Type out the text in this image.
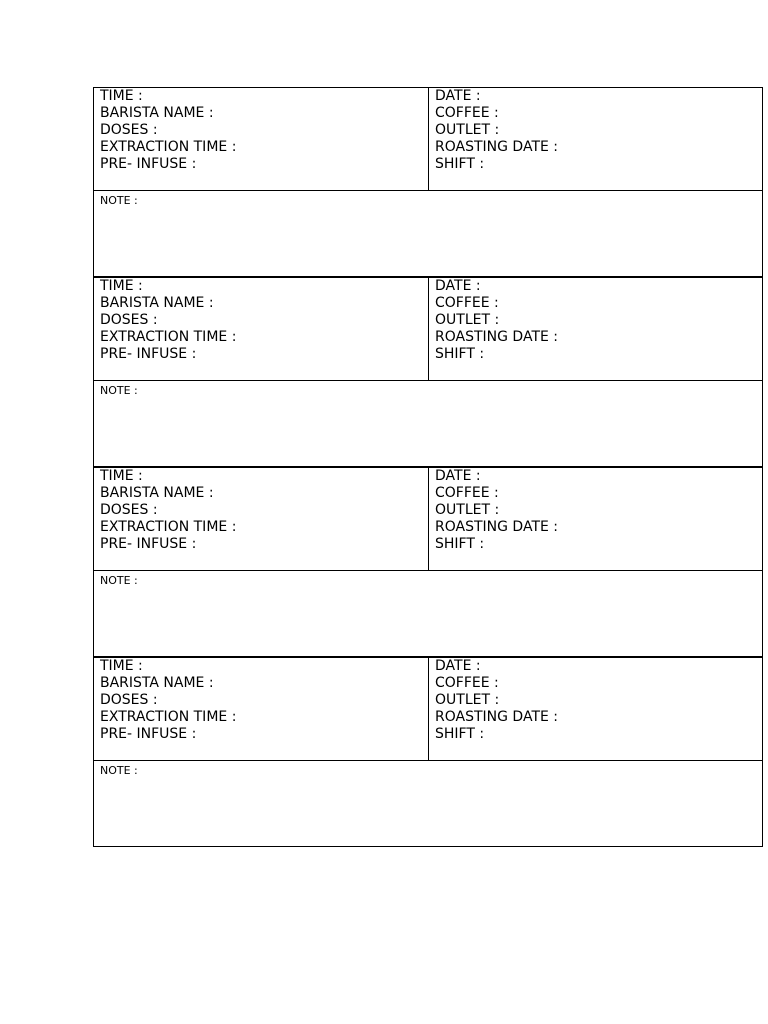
TIME :
BARISTA NAME :
DOSES :
EXTRACTION TIME :
PRE- INFUSE :
DATE :
COFFEE :
OUTLET :
ROASTING DATE :
SHIFT :
NOTE :
TIME :
BARISTA NAME :
DOSES :
EXTRACTION TIME :
PRE- INFUSE :
DATE :
COFFEE :
OUTLET :
ROASTING DATE :
SHIFT :
NOTE :
TIME :
BARISTA NAME :
DOSES :
EXTRACTION TIME :
PRE- INFUSE :
DATE :
COFFEE :
OUTLET :
ROASTING DATE :
SHIFT :
NOTE :
TIME :
BARISTA NAME :
DOSES :
EXTRACTION TIME :
PRE- INFUSE :
DATE :
COFFEE :
OUTLET :
ROASTING DATE :
SHIFT :
NOTE :
